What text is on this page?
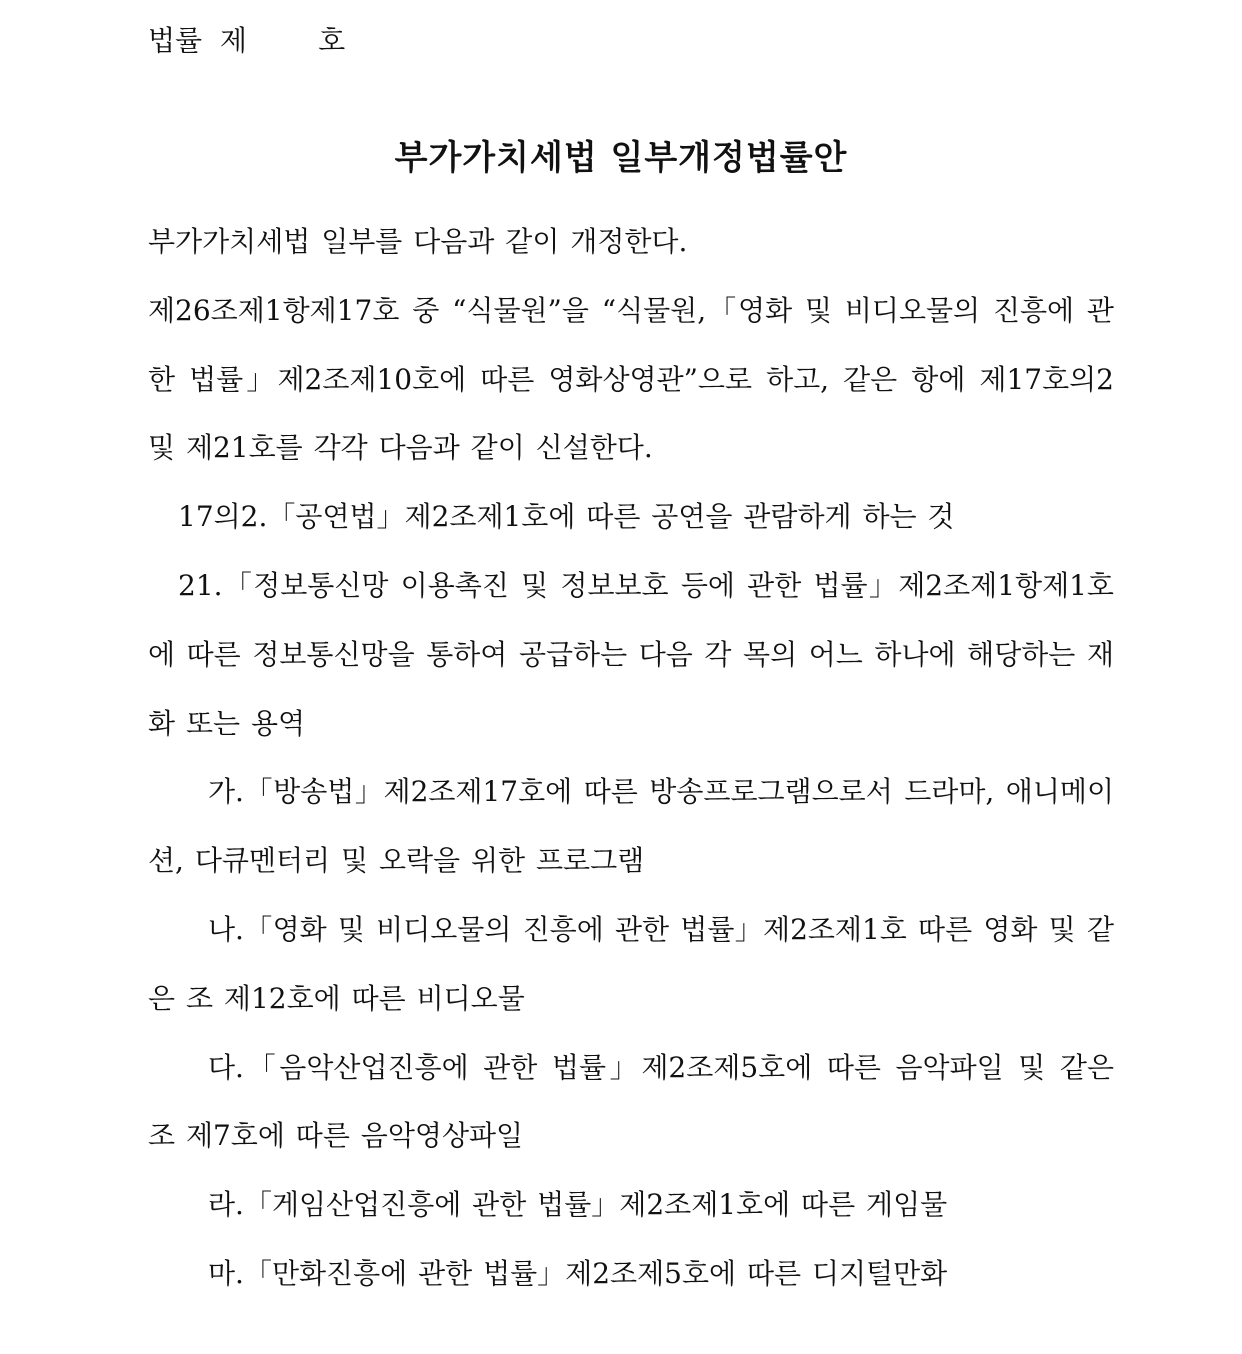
법률  제        호
부가가치세법 일부개정법률안

부가가치세법 일부를 다음과 같이 개정한다.

제26조제1항제17호 중 “식물원”을 “식물원,「영화 및 비디오물의 진흥에 관한 법률」제2조제10호에 따른 영화상영관”으로 하고, 같은 항에 제17호의2 및 제21호를 각각 다음과 같이 신설한다.

17의2.「공연법」제2조제1호에 따른 공연을 관람하게 하는 것

21.「정보통신망 이용촉진 및 정보보호 등에 관한 법률」제2조제1항제1호에 따른 정보통신망을 통하여 공급하는 다음 각 목의 어느 하나에 해당하는 재화 또는 용역

가.「방송법」제2조제17호에 따른 방송프로그램으로서 드라마, 애니메이션, 다큐멘터리 및 오락을 위한 프로그램

나.「영화 및 비디오물의 진흥에 관한 법률」제2조제1호 따른 영화 및 같은 조 제12호에 따른 비디오물

다.「음악산업진흥에 관한 법률」제2조제5호에 따른 음악파일 및 같은 조 제7호에 따른 음악영상파일

라.「게임산업진흥에 관한 법률」제2조제1호에 따른 게임물

마.「만화진흥에 관한 법률」제2조제5호에 따른 디지털만화
